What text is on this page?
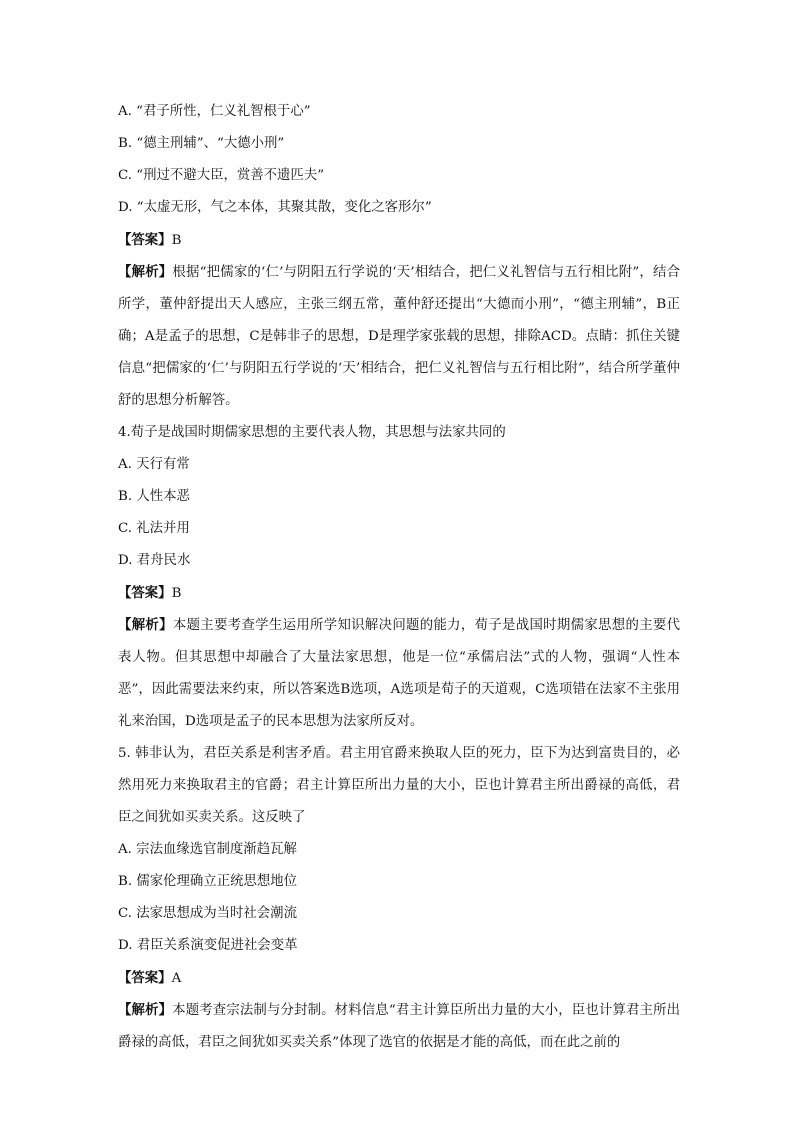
A. “君子所性，仁义礼智根于心”
B. “德主刑辅”、“大德小刑”
C. “刑过不避大臣，赏善不遗匹夫”
D. “太虚无形，气之本体，其聚其散，变化之客形尔”
【答案】B
【解析】根据“把儒家的‘仁’与阴阳五行学说的‘天’相结合，把仁义礼智信与五行相比附”，结合所学，董仲舒提出天人感应，主张三纲五常，董仲舒还提出“大德而小刑”，“德主刑辅”，B正确；A是孟子的思想，C是韩非子的思想，D是理学家张载的思想，排除ACD。点睛：抓住关键信息“把儒家的‘仁’与阴阳五行学说的‘天’相结合，把仁义礼智信与五行相比附”，结合所学董仲舒的思想分析解答。
4.荀子是战国时期儒家思想的主要代表人物，其思想与法家共同的
A. 天行有常
B. 人性本恶
C. 礼法并用
D. 君舟民水
【答案】B
【解析】本题主要考查学生运用所学知识解决问题的能力，荀子是战国时期儒家思想的主要代表人物。但其思想中却融合了大量法家思想，他是一位“承儒启法”式的人物，强调“人性本恶”，因此需要法来约束，所以答案选B选项，A选项是荀子的天道观，C选项错在法家不主张用礼来治国，D选项是孟子的民本思想为法家所反对。
5. 韩非认为，君臣关系是利害矛盾。君主用官爵来换取人臣的死力，臣下为达到富贵目的，必然用死力来换取君主的官爵；君主计算臣所出力量的大小，臣也计算君主所出爵禄的高低，君臣之间犹如买卖关系。这反映了
A. 宗法血缘选官制度渐趋瓦解
B. 儒家伦理确立正统思想地位
C. 法家思想成为当时社会潮流
D. 君臣关系演变促进社会变革
【答案】A
【解析】本题考查宗法制与分封制。材料信息“君主计算臣所出力量的大小，臣也计算君主所出爵禄的高低，君臣之间犹如买卖关系”体现了选官的依据是才能的高低，而在此之前的
